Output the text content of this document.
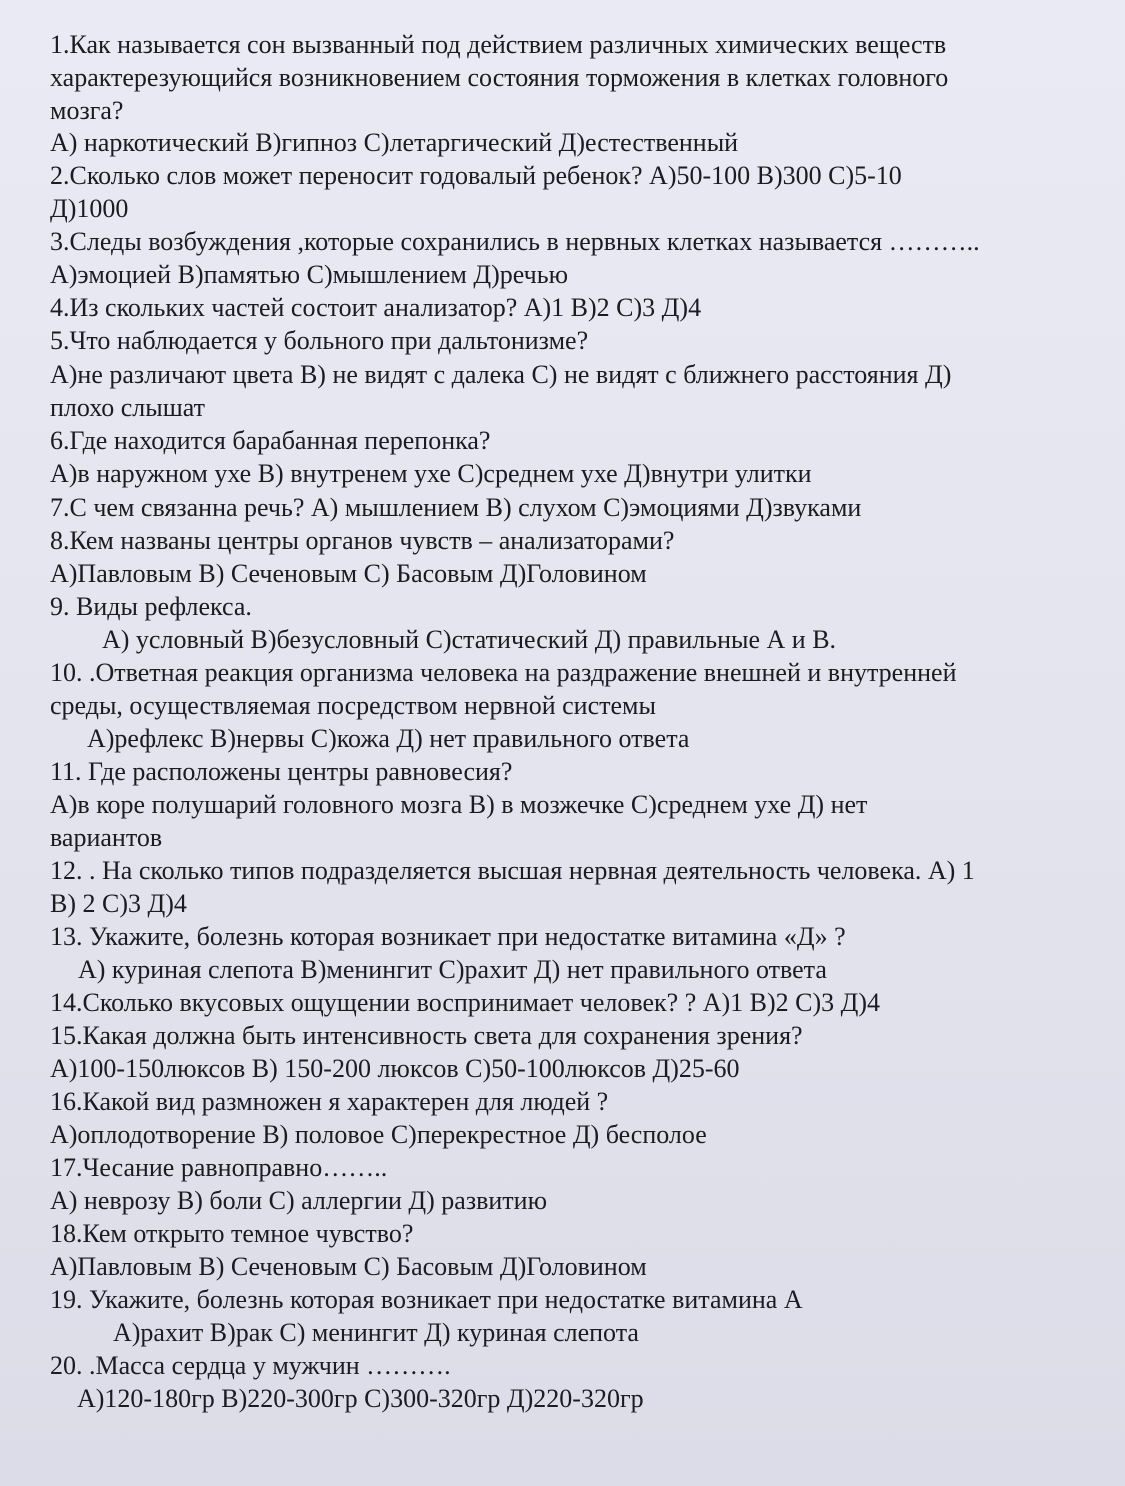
1.Как называется сон вызванный под действием различных химических веществ
характерезующийся возникновением состояния торможения в клетках головного
мозга?
А) наркотический В)гипноз С)летаргический Д)естественный
2.Сколько слов может переносит годовалый ребенок? А)50-100 В)300 С)5-10
Д)1000
3.Следы возбуждения ,которые сохранились в нервных клетках называется ………..
А)эмоцией В)памятью С)мышлением Д)речью
4.Из скольких частей состоит анализатор? А)1 В)2 С)3 Д)4
5.Что наблюдается у больного при дальтонизме?
А)не различают цвета В) не видят с далека С) не видят с ближнего расстояния Д)
плохо слышат
6.Где находится барабанная перепонка?
А)в наружном ухе В) внутренем ухе С)среднем ухе Д)внутри улитки
7.С чем связанна речь? А) мышлением В) слухом С)эмоциями Д)звуками
8.Кем названы центры органов чувств – анализаторами?
А)Павловым В) Сеченовым С) Басовым Д)Головином
9. Виды рефлекса.
А) условный В)безусловный С)статический Д) правильные А и В.
10. .Ответная реакция организма человека на раздражение внешней и внутренней
среды, осуществляемая посредством нервной системы
А)рефлекс В)нервы С)кожа Д) нет правильного ответа
11. Где расположены центры равновесия?
А)в коре полушарий головного мозга В) в мозжечке С)среднем ухе Д) нет
вариантов
12. . На сколько типов подразделяется высшая нервная деятельность человека. А) 1
В) 2 С)3 Д)4
13. Укажите, болезнь которая возникает при недостатке витамина «Д» ?
А) куриная слепота В)менингит С)рахит Д) нет правильного ответа
14.Сколько вкусовых ощущении воспринимает человек? ? А)1 В)2 С)3 Д)4
15.Какая должна быть интенсивность света для сохранения зрения?
А)100-150люксов В) 150-200 люксов С)50-100люксов Д)25-60
16.Какой вид размножен я характерен для людей ?
А)оплодотворение В) половое С)перекрестное Д) бесполое
17.Чесание равноправно……..
А) неврозу В) боли С) аллергии Д) развитию
18.Кем открыто темное чувство?
А)Павловым В) Сеченовым С) Басовым Д)Головином
19. Укажите, болезнь которая возникает при недостатке витамина А
А)рахит В)рак С) менингит Д) куриная слепота
20. .Масса сердца у мужчин ……….
А)120-180гр В)220-300гр С)300-320гр Д)220-320гр
